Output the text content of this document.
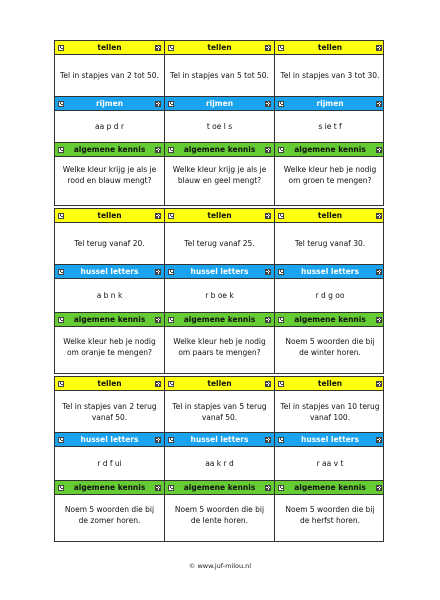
tellen
Tel in stapjes van 2 tot 50.
rijmen
aa p d r
algemene kennis
Welke kleur krijg je als je rood en blauw mengt?
tellen
Tel in stapjes van 5 tot 50.
rijmen
t oe l s
algemene kennis
Welke kleur krijg je als je blauw en geel mengt?
tellen
Tel in stapjes van 3 tot 30.
rijmen
s ie t f
algemene kennis
Welke kleur heb je nodig om groen te mengen?
tellen
Tel terug vanaf 20.
hussel letters
a b n k
algemene kennis
Welke kleur heb je nodig om oranje te mengen?
tellen
Tel terug vanaf 25.
hussel letters
r b oe k
algemene kennis
Welke kleur heb je nodig om paars te mengen?
tellen
Tel terug vanaf 30.
hussel letters
r d g oo
algemene kennis
Noem 5 woorden die bij de winter horen.
tellen
Tel in stapjes van 2 terug vanaf 50.
hussel letters
r d f ui
algemene kennis
Noem 5 woorden die bij de zomer horen.
tellen
Tel in stapjes van 5 terug vanaf 50.
hussel letters
aa k r d
algemene kennis
Noem 5 woorden die bij de lente horen.
tellen
Tel in stapjes van 10 terug vanaf 100.
hussel letters
r aa v t
algemene kennis
Noem 5 woorden die bij de herfst horen.
© www.juf-milou.nl
